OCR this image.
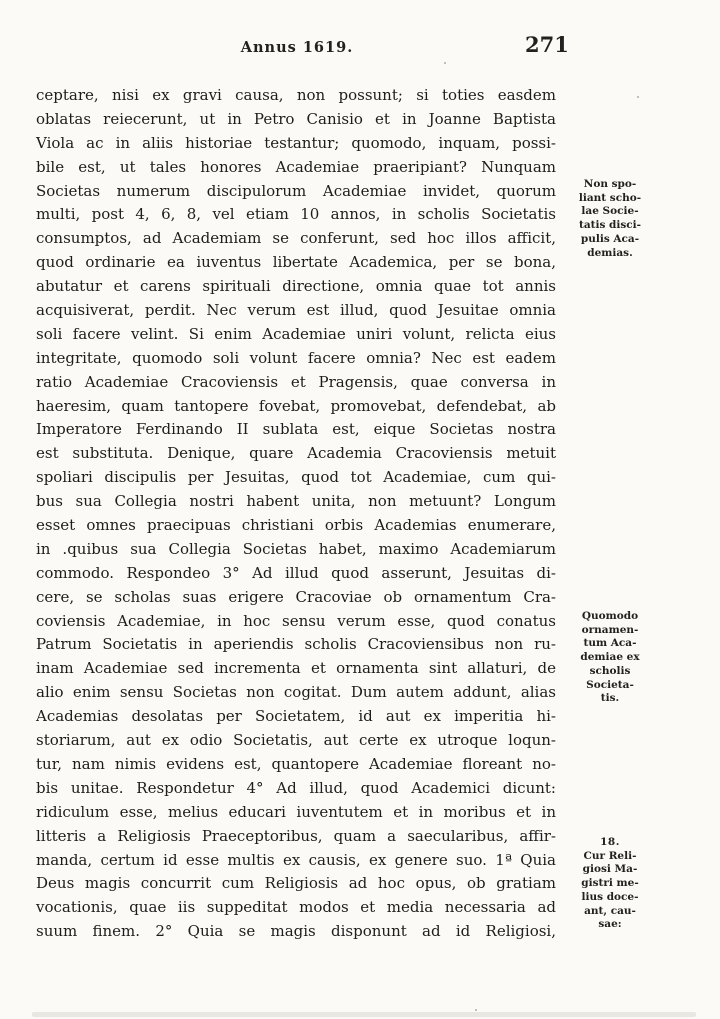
Annus 1619.	271
ceptare, nisi ex gravi causa, non possunt; si toties easdem
oblatas reiecerunt, ut in Petro Canisio et in Joanne Baptista
Viola ac in aliis historiae testantur; quomodo, inquam, possi-
bile est, ut tales honores Academiae praeripiant? Nunquam
Societas numerum discipulorum Academiae invidet, quorum
multi, post 4, 6, 8, vel etiam 10 annos, in scholis Societatis
consumptos, ad Academiam se conferunt, sed hoc illos afficit,
quod ordinarie ea iuventus libertate Academica, per se bona,
abutatur et carens spirituali directione, omnia quae tot annis
acquisiverat, perdit. Nec verum est illud, quod Jesuitae omnia
soli facere velint. Si enim Academiae uniri volunt, relicta eius
integritate, quomodo soli volunt facere omnia? Nec est eadem
ratio Academiae Cracoviensis et Pragensis, quae conversa in
haeresim, quam tantopere fovebat, promovebat, defendebat, ab
Imperatore Ferdinando II sublata est, eique Societas nostra
est substituta. Denique, quare Academia Cracoviensis metuit
spoliari discipulis per Jesuitas, quod tot Academiae, cum qui-
bus sua Collegia nostri habent unita, non metuunt? Longum
esset omnes praecipuas christiani orbis Academias enumerare,
in .quibus sua Collegia Societas habet, maximo Academiarum
commodo. Respondeo 3° Ad illud quod asserunt, Jesuitas di-
cere, se scholas suas erigere Cracoviae ob ornamentum Cra-
coviensis Academiae, in hoc sensu verum esse, quod conatus
Patrum Societatis in aperiendis scholis Cracoviensibus non ru-
inam Academiae sed incrementa et ornamenta sint allaturi, de
alio enim sensu Societas non cogitat. Dum autem addunt, alias
Academias desolatas per Societatem, id aut ex imperitia hi-
storiarum, aut ex odio Societatis, aut certe ex utroque loqun-
tur, nam nimis evidens est, quantopere Academiae floreant no-
bis unitae. Respondetur 4° Ad illud, quod Academici dicunt:
ridiculum esse, melius educari iuventutem et in moribus et in
litteris a Religiosis Praeceptoribus, quam a saecularibus, affir-
manda, certum id esse multis ex causis, ex genere suo. 1ª Quia
Deus magis concurrit cum Religiosis ad hoc opus, ob gratiam
vocationis, quae iis suppeditat modos et media necessaria ad
suum finem. 2° Quia se magis disponunt ad id Religiosi,
Non spo-
liant scho-
lae Socie-
tatis disci-
pulis Aca-
demias.
Quomodo
ornamen-
tum Aca-
demiae ex
scholis
Societa-
tis.
18.
Cur Reli-
giosi Ma-
gistri me-
lius doce-
ant, cau-
sae:
